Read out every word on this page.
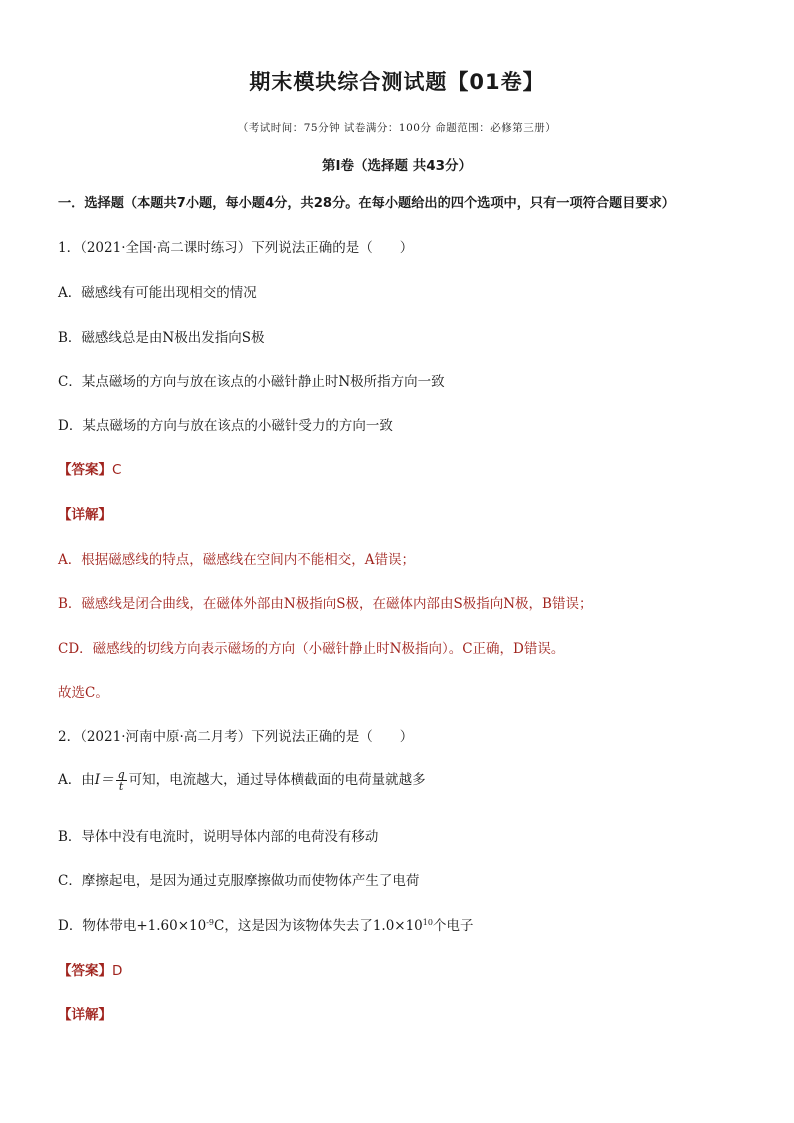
期末模块综合测试题【01卷】
（考试时间：75分钟 试卷满分：100分 命题范围：必修第三册）
第Ⅰ卷（选择题 共43分）
一．选择题（本题共7小题，每小题4分，共28分。在每小题给出的四个选项中，只有一项符合题目要求）
1．（2021·全国·高二课时练习）下列说法正确的是（　　）
A．磁感线有可能出现相交的情况
B．磁感线总是由N极出发指向S极
C．某点磁场的方向与放在该点的小磁针静止时N极所指方向一致
D．某点磁场的方向与放在该点的小磁针受力的方向一致
【答案】C
【详解】
A．根据磁感线的特点，磁感线在空间内不能相交，A错误；
B．磁感线是闭合曲线，在磁体外部由N极指向S极，在磁体内部由S极指向N极，B错误；
CD．磁感线的切线方向表示磁场的方向（小磁针静止时N极指向）。C正确，D错误。
故选C。
2．（2021·河南中原·高二月考）下列说法正确的是（　　）
A．由$I= \frac{q}{t}$ 可知，电流越大，通过导体横截面的电荷量就越多
B．导体中没有电流时，说明导体内部的电荷没有移动
C．摩擦起电，是因为通过克服摩擦做功而使物体产生了电荷
D．物体带电$+1.60\times 10^{-9}C$，这是因为该物体失去了$1.0\times 10^{10}$个电子
【答案】D
【详解】
